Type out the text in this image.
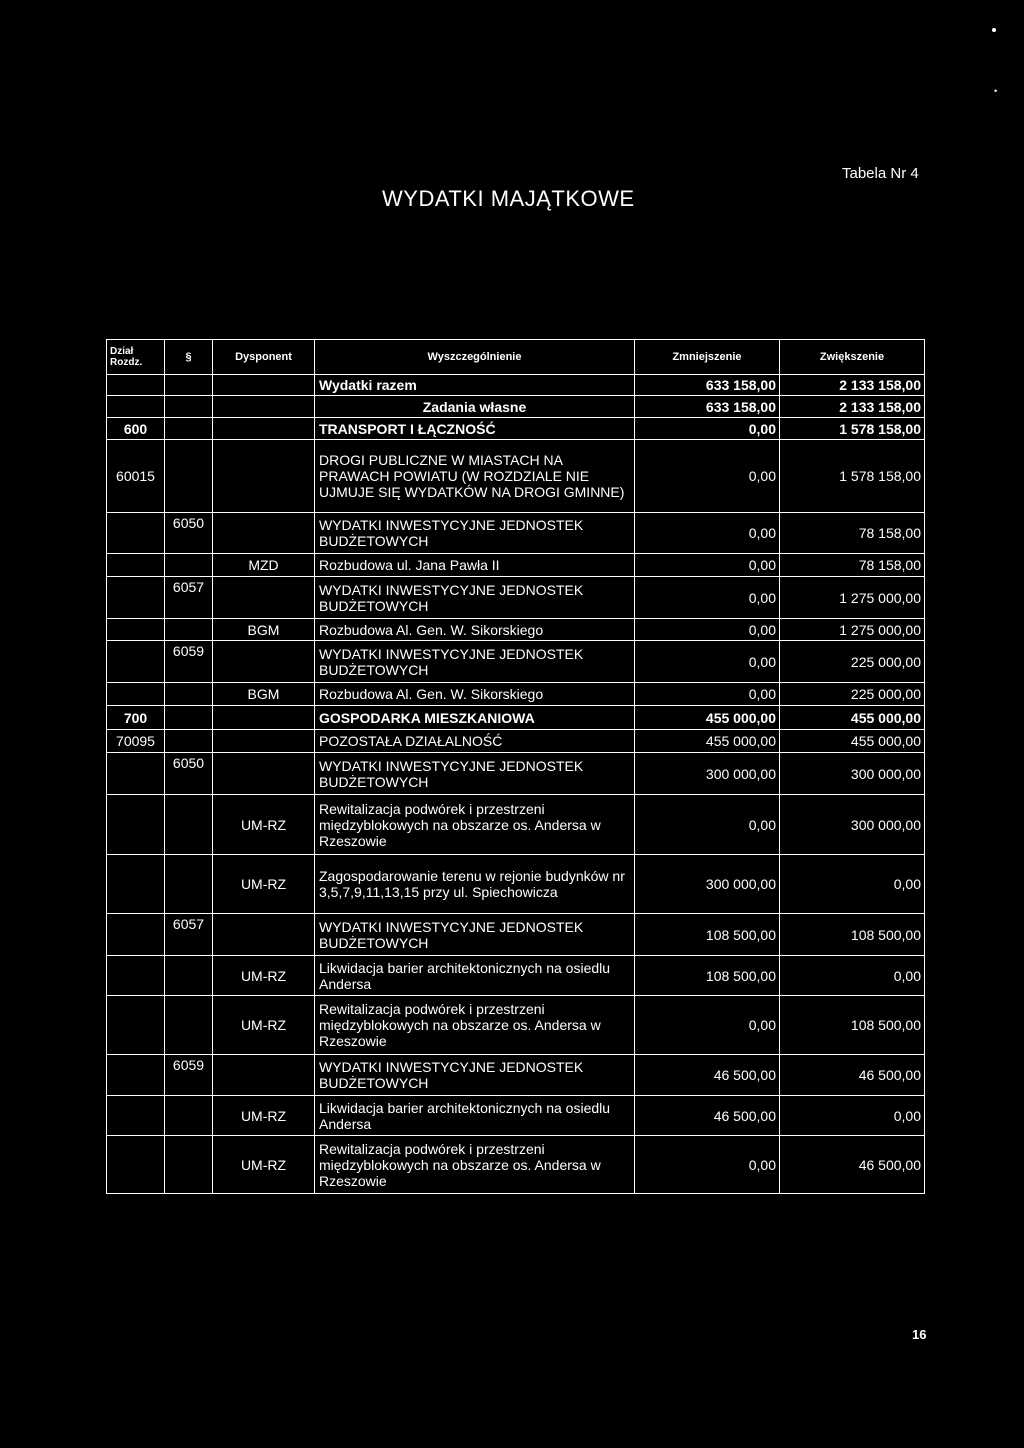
•
Tabela Nr 4
WYDATKI MAJĄTKOWE
Dział
Rozdz.	§	Dysponent	Wyszczególnienie	Zmniejszenie	Zwiększenie
			Wydatki razem	633 158,00	2 133 158,00
			Zadania własne	633 158,00	2 133 158,00
600			TRANSPORT I ŁĄCZNOŚĆ	0,00	1 578 158,00
60015			DROGI PUBLICZNE W MIASTACH NA PRAWACH POWIATU (W ROZDZIALE NIE UJMUJE SIĘ WYDATKÓW NA DROGI GMINNE)	0,00	1 578 158,00
	6050		WYDATKI INWESTYCYJNE JEDNOSTEK BUDŻETOWYCH	0,00	78 158,00
		MZD	Rozbudowa ul. Jana Pawła II	0,00	78 158,00
	6057		WYDATKI INWESTYCYJNE JEDNOSTEK BUDŻETOWYCH	0,00	1 275 000,00
		BGM	Rozbudowa Al. Gen. W. Sikorskiego	0,00	1 275 000,00
	6059		WYDATKI INWESTYCYJNE JEDNOSTEK BUDŻETOWYCH	0,00	225 000,00
		BGM	Rozbudowa Al. Gen. W. Sikorskiego	0,00	225 000,00
700			GOSPODARKA MIESZKANIOWA	455 000,00	455 000,00
70095			POZOSTAŁA DZIAŁALNOŚĆ	455 000,00	455 000,00
	6050		WYDATKI INWESTYCYJNE JEDNOSTEK BUDŻETOWYCH	300 000,00	300 000,00
		UM-RZ	Rewitalizacja podwórek i przestrzeni międzyblokowych na obszarze os. Andersa w Rzeszowie	0,00	300 000,00
		UM-RZ	Zagospodarowanie terenu w rejonie budynków nr 3,5,7,9,11,13,15 przy ul. Spiechowicza	300 000,00	0,00
	6057		WYDATKI INWESTYCYJNE JEDNOSTEK BUDŻETOWYCH	108 500,00	108 500,00
		UM-RZ	Likwidacja barier architektonicznych na osiedlu Andersa	108 500,00	0,00
		UM-RZ	Rewitalizacja podwórek i przestrzeni międzyblokowych na obszarze os. Andersa w Rzeszowie	0,00	108 500,00
	6059		WYDATKI INWESTYCYJNE JEDNOSTEK BUDŻETOWYCH	46 500,00	46 500,00
		UM-RZ	Likwidacja barier architektonicznych na osiedlu Andersa	46 500,00	0,00
		UM-RZ	Rewitalizacja podwórek i przestrzeni międzyblokowych na obszarze os. Andersa w Rzeszowie	0,00	46 500,00
16
